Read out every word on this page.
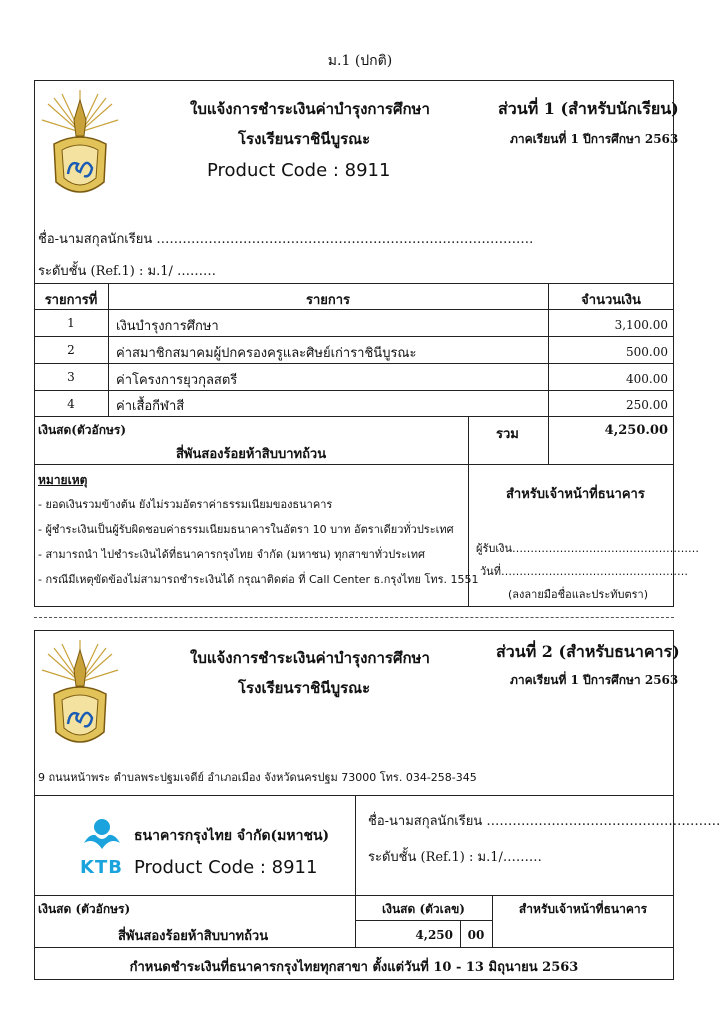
ม.1 (ปกติ)
ใบแจ้งการชำระเงินค่าบำรุงการศึกษา
โรงเรียนราชินีบูรณะ
Product Code : 8911
ส่วนที่ 1 (สำหรับนักเรียน)
ภาคเรียนที่ 1 ปีการศึกษา 2563
ชื่อ-นามสกุลนักเรียน ……………………………………………………………………………
ระดับชั้น (Ref.1) : ม.1/ ………
รายการที่	รายการ	จำนวนเงิน
1	เงินบำรุงการศึกษา	3,100.00
2	ค่าสมาชิกสมาคมผู้ปกครองครูและศิษย์เก่าราชินีบูรณะ	500.00
3	ค่าโครงการยุวกุลสตรี	400.00
4	ค่าเสื้อกีฬาสี	250.00
เงินสด(ตัวอักษร)
สี่พันสองร้อยห้าสิบบาทถ้วน
รวม	4,250.00
หมายเหตุ
- ยอดเงินรวมข้างต้น ยังไม่รวมอัตราค่าธรรมเนียมของธนาคาร
- ผู้ชำระเงินเป็นผู้รับผิดชอบค่าธรรมเนียมธนาคารในอัตรา 10 บาท อัตราเดียวทั่วประเทศ
- สามารถนำ ไปชำระเงินได้ที่ธนาคารกรุงไทย จำกัด (มหาชน) ทุกสาขาทั่วประเทศ
- กรณีมีเหตุขัดข้องไม่สามารถชำระเงินได้ กรุณาติดต่อ ที่ Call Center ธ.กรุงไทย โทร. 1551
สำหรับเจ้าหน้าที่ธนาคาร
ผู้รับเงิน……………………………………………
วันที่……………………………………………
(ลงลายมือชื่อและประทับตรา)
ใบแจ้งการชำระเงินค่าบำรุงการศึกษา
โรงเรียนราชินีบูรณะ
ส่วนที่ 2 (สำหรับธนาคาร)
ภาคเรียนที่ 1 ปีการศึกษา 2563
9 ถนนหน้าพระ ตำบลพระปฐมเจดีย์ อำเภอเมือง จังหวัดนครปฐม 73000 โทร. 034-258-345
KTB
ธนาคารกรุงไทย จำกัด(มหาชน)
Product Code : 8911
ชื่อ-นามสกุลนักเรียน ………………………………………………
ระดับชั้น (Ref.1) : ม.1/………
เงินสด (ตัวอักษร)	เงินสด (ตัวเลข)	สำหรับเจ้าหน้าที่ธนาคาร
สี่พันสองร้อยห้าสิบบาทถ้วน	4,250	00
กำหนดชำระเงินที่ธนาคารกรุงไทยทุกสาขา ตั้งแต่วันที่ 10 - 13 มิถุนายน 2563
